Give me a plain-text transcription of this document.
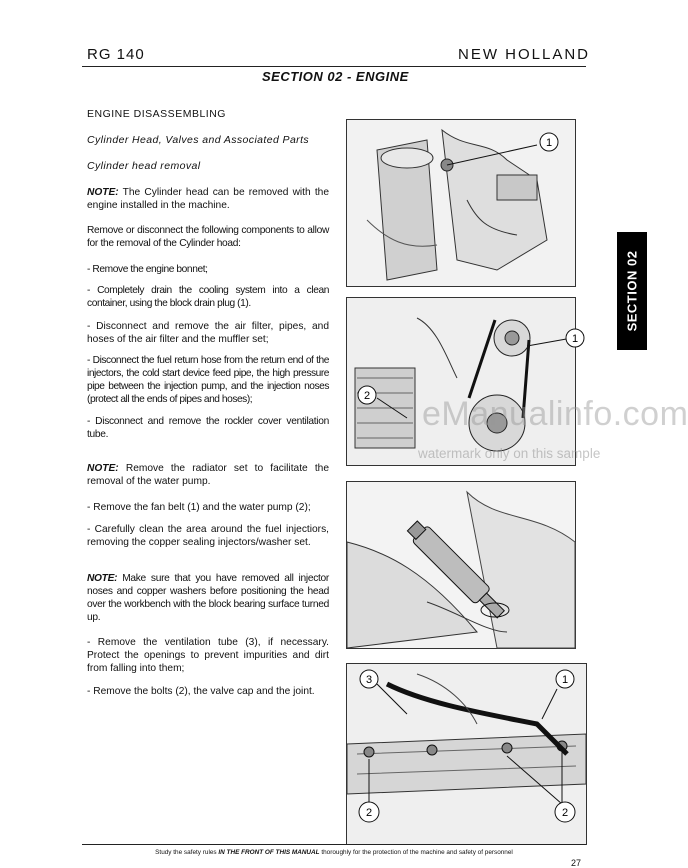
RG 140	NEW HOLLAND
SECTION 02 - ENGINE
SECTION 02
ENGINE DISASSEMBLING
Cylinder Head, Valves and Associated Parts
Cylinder head removal
NOTE: The Cylinder head can be removed with the engine installed in the machine.
Remove or disconnect the following components to allow for the removal of the Cylinder hoad:
- Remove the engine bonnet;
- Completely drain the cooling system into a clean container, using the block drain plug (1).
- Disconnect and remove the air filter, pipes, and hoses of the air filter and the muffler set;
- Disconnect the fuel return hose from the return end of the injectors, the cold start device feed pipe, the high pressure pipe between the injection pump, and the injection noses (protect all the ends of pipes and hoses);
- Disconnect and remove the rockler cover ventilation tube.
NOTE: Remove the radiator set to facilitate the removal of the water pump.
- Remove the fan belt (1) and the water pump (2);
- Carefully clean the area around the fuel injectiors, removing the copper sealing injectors/washer set.
NOTE: Make sure that you have removed all injector noses and copper washers before positioning the head over the workbench with the block bearing surface turned up.
- Remove the ventilation tube (3), if necessary. Protect the openings to prevent impurities and dirt from falling into them;
- Remove the bolts (2), the valve cap and the joint.
1
1
2
3	1
2	2
eManualinfo.com
watermark only on this sample
Study the safety rules IN THE FRONT OF THIS MANUAL thoroughly for the protection of the machine and safety of personnel
27
